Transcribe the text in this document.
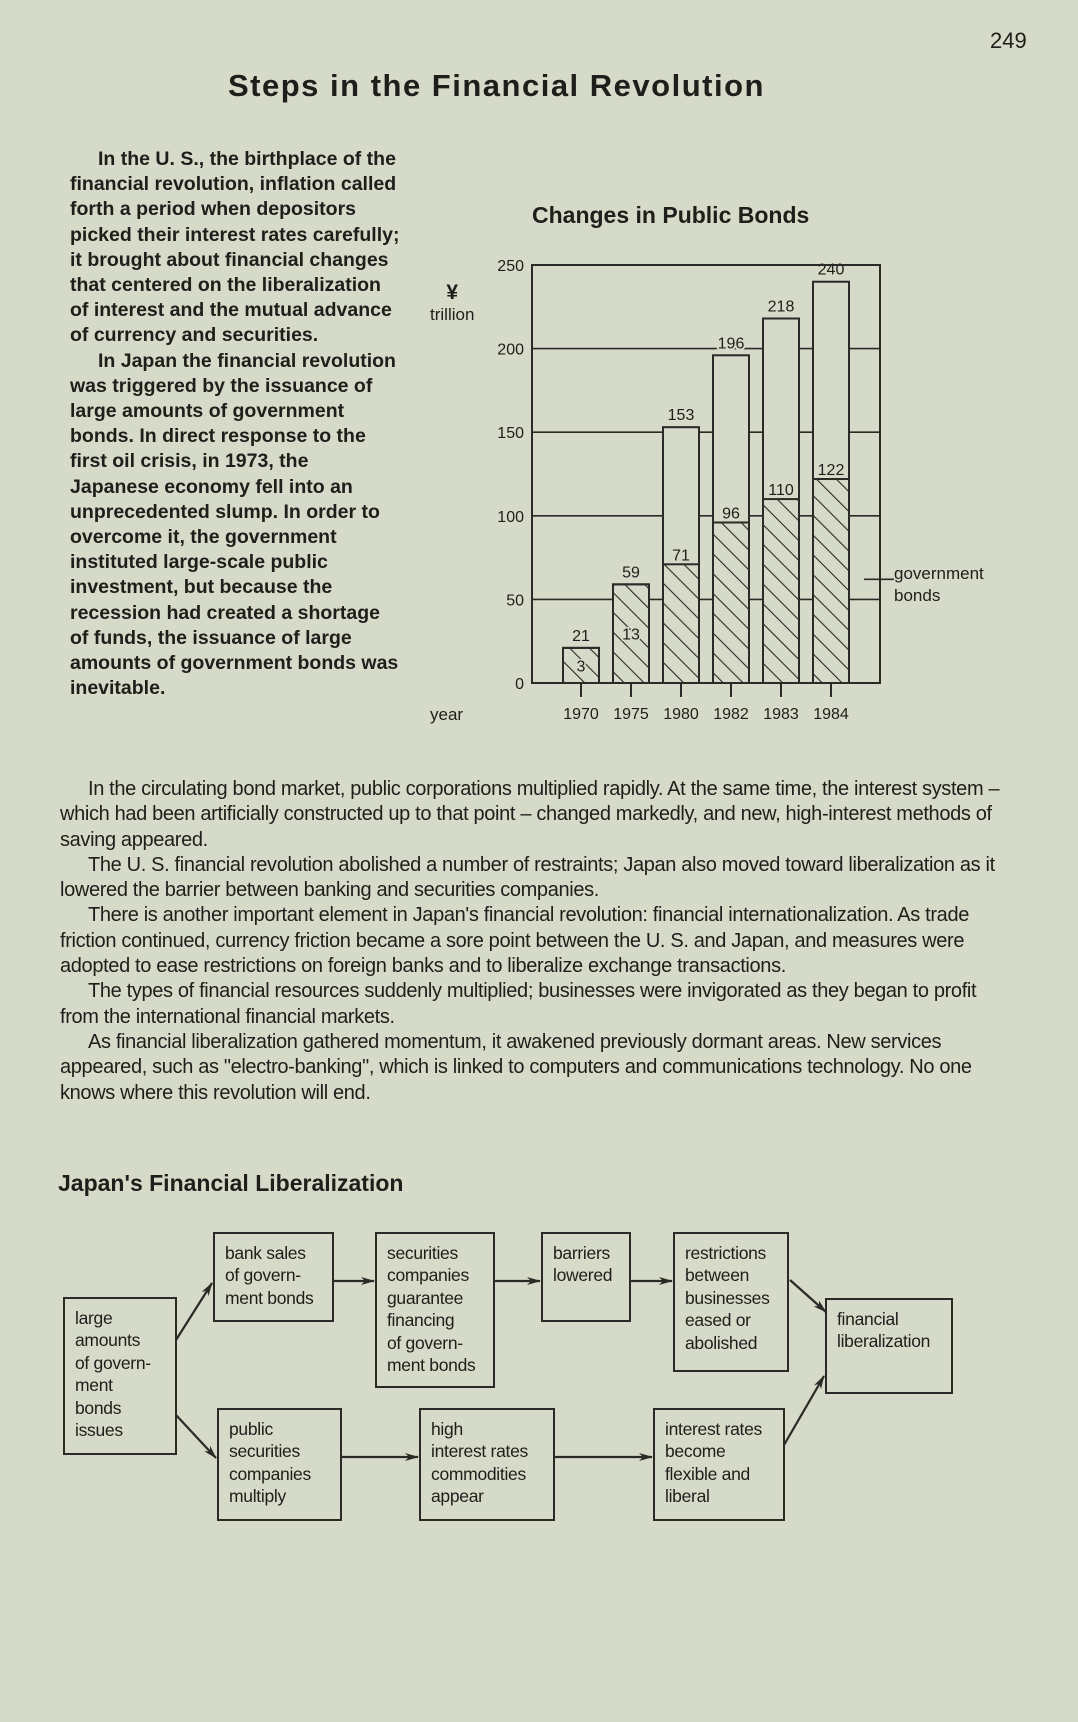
249
Steps in the Financial Revolution

In the U. S., the birthplace of the financial revolution, inflation called forth a period when depositors picked their interest rates carefully; it brought about financial changes that centered on the liberalization of interest and the mutual advance of currency and securities.

In Japan the financial revolution was triggered by the issuance of large amounts of government bonds. In direct response to the first oil crisis, in 1973, the Japanese economy fell into an unprecedented slump. In order to overcome it, the government instituted large-scale public investment, but because the recession had created a shortage of funds, the issuance of large amounts of government bonds was inevitable.

Changes in Public Bonds
¥
trillion
year
government
bonds
0
50
100
150
200
250
21
3
1970
59
13
1975
153
71
1980
196
96
1982
218
110
1983
240
122
1984
Japan's Financial Liberalization
large
amounts
of govern-
ment
bonds
issues
bank sales
of govern-
ment bonds
securities
companies
guarantee
financing
of govern-
ment bonds
barriers
lowered
restrictions
between
businesses
eased or
abolished
financial
liberalization
public
securities
companies
multiply
high
interest rates
commodities
appear
interest rates
become
flexible and
liberal

In the circulating bond market, public corporations multiplied rapidly. At the same time, the interest system – which had been artificially constructed up to that point – changed markedly, and new, high-interest methods of saving appeared.

The U. S. financial revolution abolished a number of restraints; Japan also moved toward liberalization as it lowered the barrier between banking and securities companies.

There is another important element in Japan's financial revolution: financial internationalization. As trade friction continued, currency friction became a sore point between the U. S. and Japan, and measures were adopted to ease restrictions on foreign banks and to liberalize exchange transactions.

The types of financial resources suddenly multiplied; businesses were invigorated as they began to profit from the international financial markets.

As financial liberalization gathered momentum, it awakened previously dormant areas. New services appeared, such as "electro-banking", which is linked to computers and communications technology. No one knows where this revolution will end.
